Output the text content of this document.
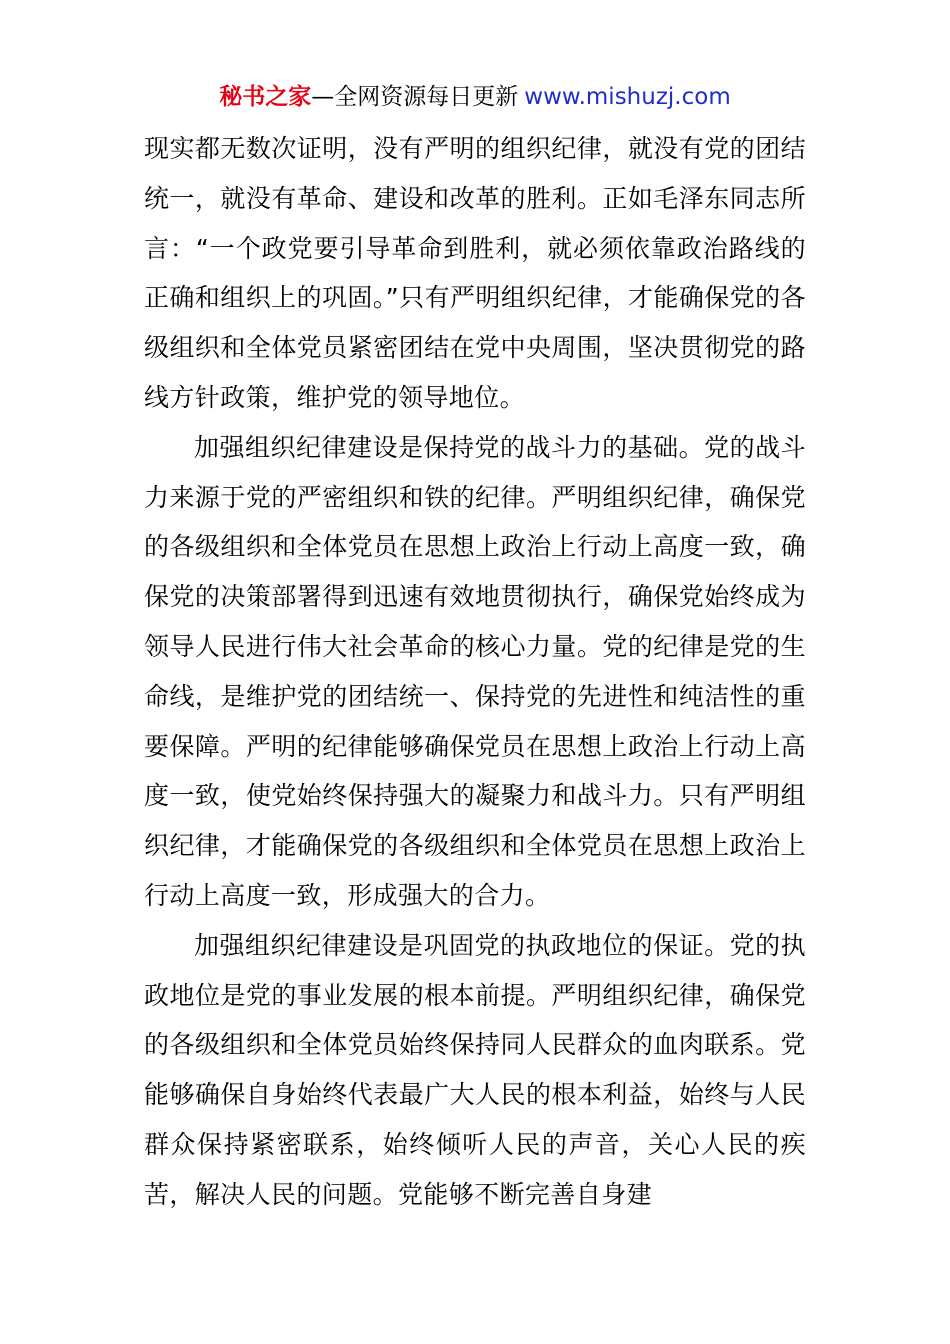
秘书之家—全网资源每日更新 www.mishuzj.com

现实都无数次证明，没有严明的组织纪律，就没有党的团结统一，就没有革命、建设和改革的胜利。正如毛泽东同志所言：“一个政党要引导革命到胜利，就必须依靠政治路线的正确和组织上的巩固。”只有严明组织纪律，才能确保党的各级组织和全体党员紧密团结在党中央周围，坚决贯彻党的路线方针政策，维护党的领导地位。

加强组织纪律建设是保持党的战斗力的基础。党的战斗力来源于党的严密组织和铁的纪律。严明组织纪律，确保党的各级组织和全体党员在思想上政治上行动上高度一致，确保党的决策部署得到迅速有效地贯彻执行，确保党始终成为领导人民进行伟大社会革命的核心力量。党的纪律是党的生命线，是维护党的团结统一、保持党的先进性和纯洁性的重要保障。严明的纪律能够确保党员在思想上政治上行动上高度一致，使党始终保持强大的凝聚力和战斗力。只有严明组织纪律，才能确保党的各级组织和全体党员在思想上政治上行动上高度一致，形成强大的合力。

加强组织纪律建设是巩固党的执政地位的保证。党的执政地位是党的事业发展的根本前提。严明组织纪律，确保党的各级组织和全体党员始终保持同人民群众的血肉联系。党能够确保自身始终代表最广大人民的根本利益，始终与人民群众保持紧密联系，始终倾听人民的声音，关心人民的疾苦，解决人民的问题。党能够不断完善自身建
